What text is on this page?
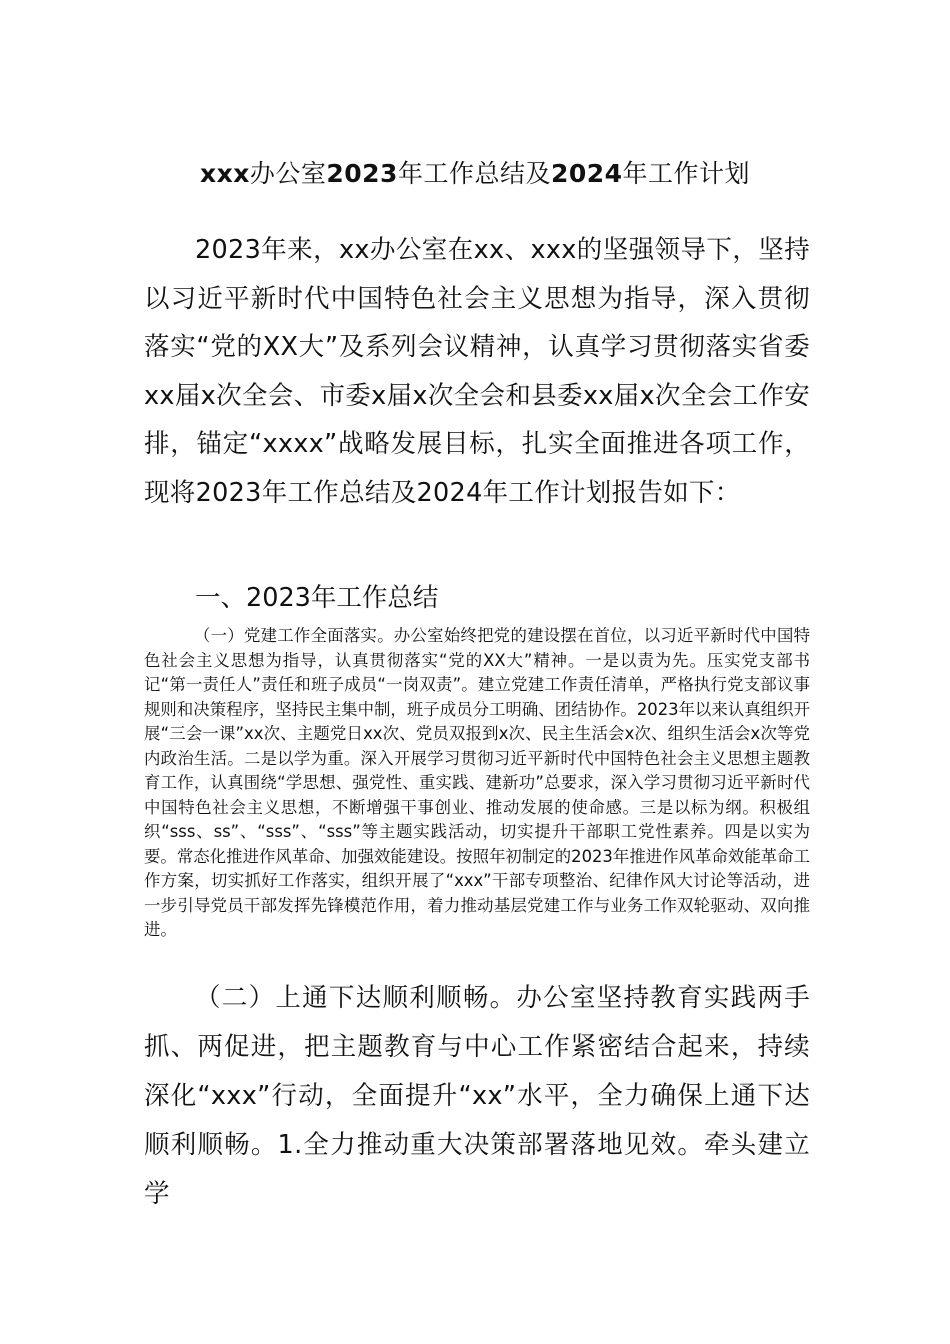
xxx办公室2023年工作总结及2024年工作计划

2023年来，xx办公室在xx、xxx的坚强领导下，坚持以习近平新时代中国特色社会主义思想为指导，深入贯彻落实“党的XX大”及系列会议精神，认真学习贯彻落实省委xx届x次全会、市委x届x次全会和县委xx届x次全会工作安排，锚定“xxxx”战略发展目标，扎实全面推进各项工作，现将2023年工作总结及2024年工作计划报告如下：

一、2023年工作总结

（一）党建工作全面落实。办公室始终把党的建设摆在首位，以习近平新时代中国特色社会主义思想为指导，认真贯彻落实“党的XX大”精神。一是以责为先。压实党支部书记“第一责任人”责任和班子成员“一岗双责”。建立党建工作责任清单，严格执行党支部议事规则和决策程序，坚持民主集中制，班子成员分工明确、团结协作。2023年以来认真组织开展“三会一课”xx次、主题党日xx次、党员双报到x次、民主生活会x次、组织生活会x次等党内政治生活。二是以学为重。深入开展学习贯彻习近平新时代中国特色社会主义思想主题教育工作，认真围绕“学思想、强党性、重实践、建新功”总要求，深入学习贯彻习近平新时代中国特色社会主义思想，不断增强干事创业、推动发展的使命感。三是以标为纲。积极组织“sss、ss”、“sss”、“sss”等主题实践活动，切实提升干部职工党性素养。四是以实为要。常态化推进作风革命、加强效能建设。按照年初制定的2023年推进作风革命效能革命工作方案，切实抓好工作落实，组织开展了“xxx”干部专项整治、纪律作风大讨论等活动，进一步引导党员干部发挥先锋模范作用，着力推动基层党建工作与业务工作双轮驱动、双向推进。

（二）上通下达顺利顺畅。办公室坚持教育实践两手抓、两促进，把主题教育与中心工作紧密结合起来，持续深化“xxx”行动，全面提升“xx”水平，全力确保上通下达顺利顺畅。1.全力推动重大决策部署落地见效。牵头建立学
